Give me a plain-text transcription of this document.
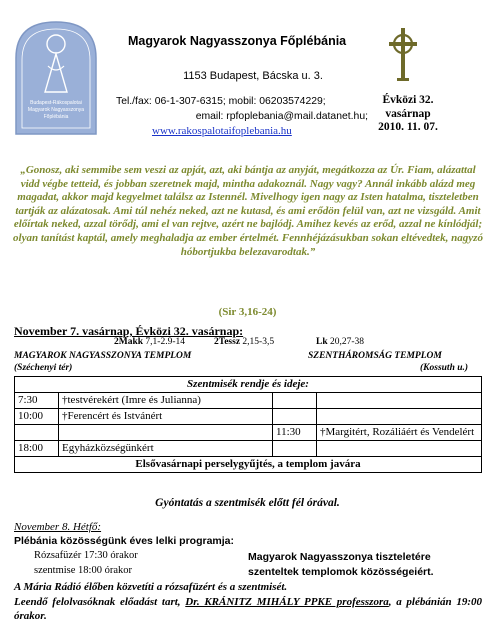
Budapest-Rákospalotai
Magyarok Nagyasszonya
Főplébánia
Magyarok Nagyasszonya Főplébánia
1153 Budapest, Bácska u. 3.
Tel./fax: 06-1-307-6315; mobil: 06203574229;
email: rpfoplebania@mail.datanet.hu;
www.rakospalotaifoplebania.hu
Évközi 32.
vasárnap
2010. 11. 07.
„Gonosz, aki semmibe sem veszi az apját, azt, aki bántja az anyját, megátkozza az Úr. Fiam, alázattal vidd végbe tetteid, és jobban szeretnek majd, mintha adakoznál. Nagy vagy? Annál inkább alázd meg magadat, akkor majd kegyelmet találsz az Istennél. Mivelhogy igen nagy az Isten hatalma, tiszteletben tartják az alázatosak. Ami túl nehéz neked, azt ne kutasd, és ami erődön felül van, azt ne vizsgáld. Amit előírtak neked, azzal törődj, ami el van rejtve, azért ne bajlódj. Amihez kevés az erőd, azzal ne kínlódjál; olyan tanítást kaptál, amely meghaladja az ember értelmét. Fennhéjázásukban sokan eltévedtek, nagyzó hóbortjukba belezavarodtak.”
(Sir 3,16-24)
November 7. vasárnap, Évközi 32. vasárnap:
2Makk 7,1-2.9-14	2Tessz 2,15-3,5	Lk 20,27-38
MAGYAROK NAGYASSZONYA TEMPLOM	SZENTHÁROMSÁG TEMPLOM
(Széchenyi tér)	(Kossuth u.)
Szentmisék rendje és ideje:			
7:30	†testvérekért (Imre és Julianna)		
10:00	†Ferencért és Istvánért		
		11:30	†Margitért, Rozáliáért és Vendelért
18:00	Egyházközségünkért		
Elsővasárnapi perselygyűjtés, a templom javára			
Gyóntatás a szentmisék előtt fél órával.
November 8. Hétfő:
Plébánia közösségünk éves lelki programja:
Rózsafüzér 17:30 órakor
szentmise 18:00 órakor
Magyarok Nagyasszonya tiszteletére
szenteltek templomok közösségeiért.
A Mária Rádió élőben közvetíti a rózsafüzért és a szentmisét.
Leendő felolvasóknak előadást tart, Dr. KRÁNITZ MIHÁLY PPKE professzora, a plébánián 19:00 órakor.
